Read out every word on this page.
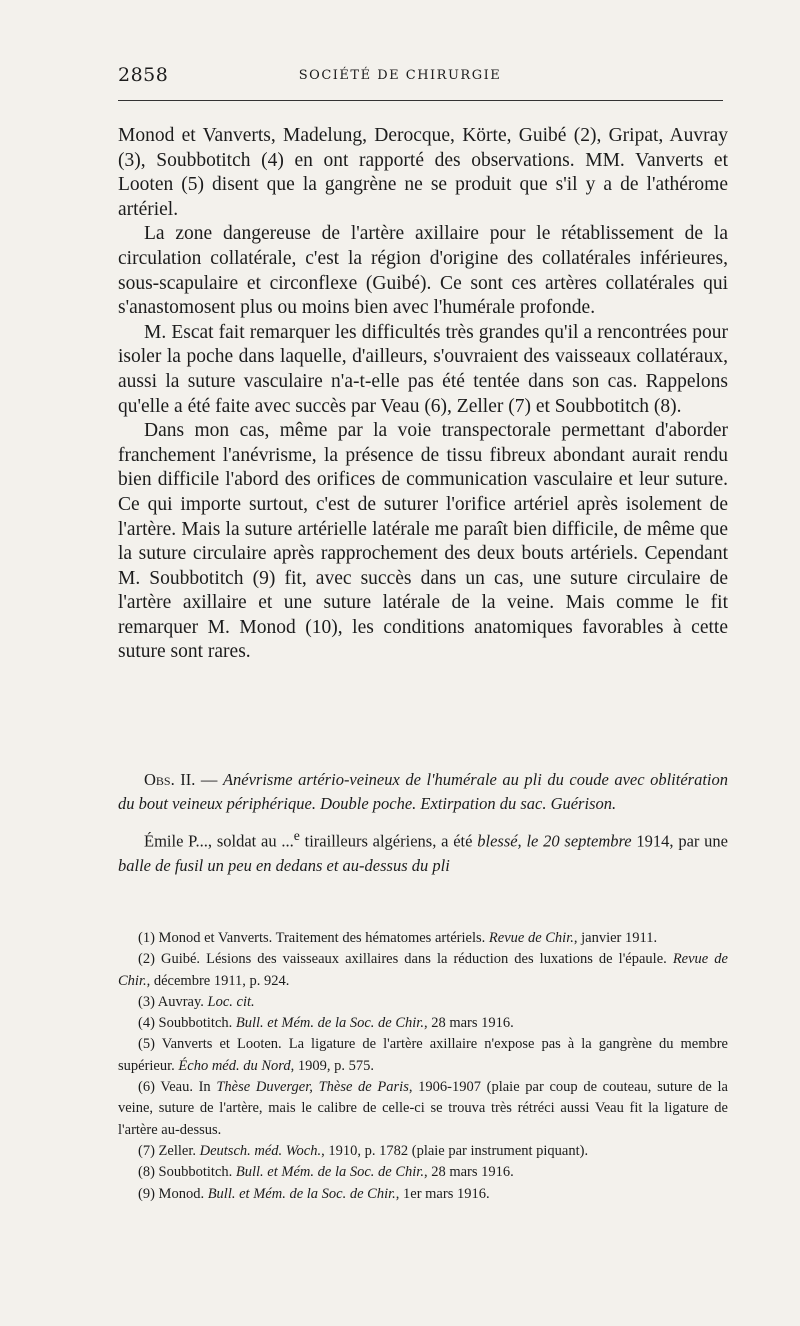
2858	SOCIÉTÉ DE CHIRURGIE

Monod et Vanverts, Madelung, Derocque, Körte, Guibé (2), Gripat, Auvray (3), Soubbotitch (4) en ont rapporté des observations. MM. Vanverts et Looten (5) disent que la gangrène ne se produit que s'il y a de l'athérome artériel.

La zone dangereuse de l'artère axillaire pour le rétablissement de la circulation collatérale, c'est la région d'origine des collatérales inférieures, sous-scapulaire et circonflexe (Guibé). Ce sont ces artères collatérales qui s'anastomosent plus ou moins bien avec l'humérale profonde.

M. Escat fait remarquer les difficultés très grandes qu'il a rencontrées pour isoler la poche dans laquelle, d'ailleurs, s'ouvraient des vaisseaux collatéraux, aussi la suture vasculaire n'a-t-elle pas été tentée dans son cas. Rappelons qu'elle a été faite avec succès par Veau (6), Zeller (7) et Soubbotitch (8).

Dans mon cas, même par la voie transpectorale permettant d'aborder franchement l'anévrisme, la présence de tissu fibreux abondant aurait rendu bien difficile l'abord des orifices de communication vasculaire et leur suture. Ce qui importe surtout, c'est de suturer l'orifice artériel après isolement de l'artère. Mais la suture artérielle latérale me paraît bien difficile, de même que la suture circulaire après rapprochement des deux bouts artériels. Cependant M. Soubbotitch (9) fit, avec succès dans un cas, une suture circulaire de l'artère axillaire et une suture latérale de la veine. Mais comme le fit remarquer M. Monod (10), les conditions anatomiques favorables à cette suture sont rares.

Obs. II. — Anévrisme artério-veineux de l'humérale au pli du coude avec oblitération du bout veineux périphérique. Double poche. Extirpation du sac. Guérison.

Émile P..., soldat au ...$^e$ tirailleurs algériens, a été blessé, le 20 septembre 1914, par une balle de fusil un peu en dedans et au-dessus du pli

(1) Monod et Vanverts. Traitement des hématomes artériels. Revue de Chir., janvier 1911.

(2) Guibé. Lésions des vaisseaux axillaires dans la réduction des luxations de l'épaule. Revue de Chir., décembre 1911, p. 924.

(3) Auvray. Loc. cit.

(4) Soubbotitch. Bull. et Mém. de la Soc. de Chir., 28 mars 1916.

(5) Vanverts et Looten. La ligature de l'artère axillaire n'expose pas à la gangrène du membre supérieur. Écho méd. du Nord, 1909, p. 575.

(6) Veau. In Thèse Duverger, Thèse de Paris, 1906-1907 (plaie par coup de couteau, suture de la veine, suture de l'artère, mais le calibre de celle-ci se trouva très rétréci aussi Veau fit la ligature de l'artère au-dessus.

(7) Zeller. Deutsch. méd. Woch., 1910, p. 1782 (plaie par instrument piquant).

(8) Soubbotitch. Bull. et Mém. de la Soc. de Chir., 28 mars 1916.

(9) Monod. Bull. et Mém. de la Soc. de Chir., 1er mars 1916.
